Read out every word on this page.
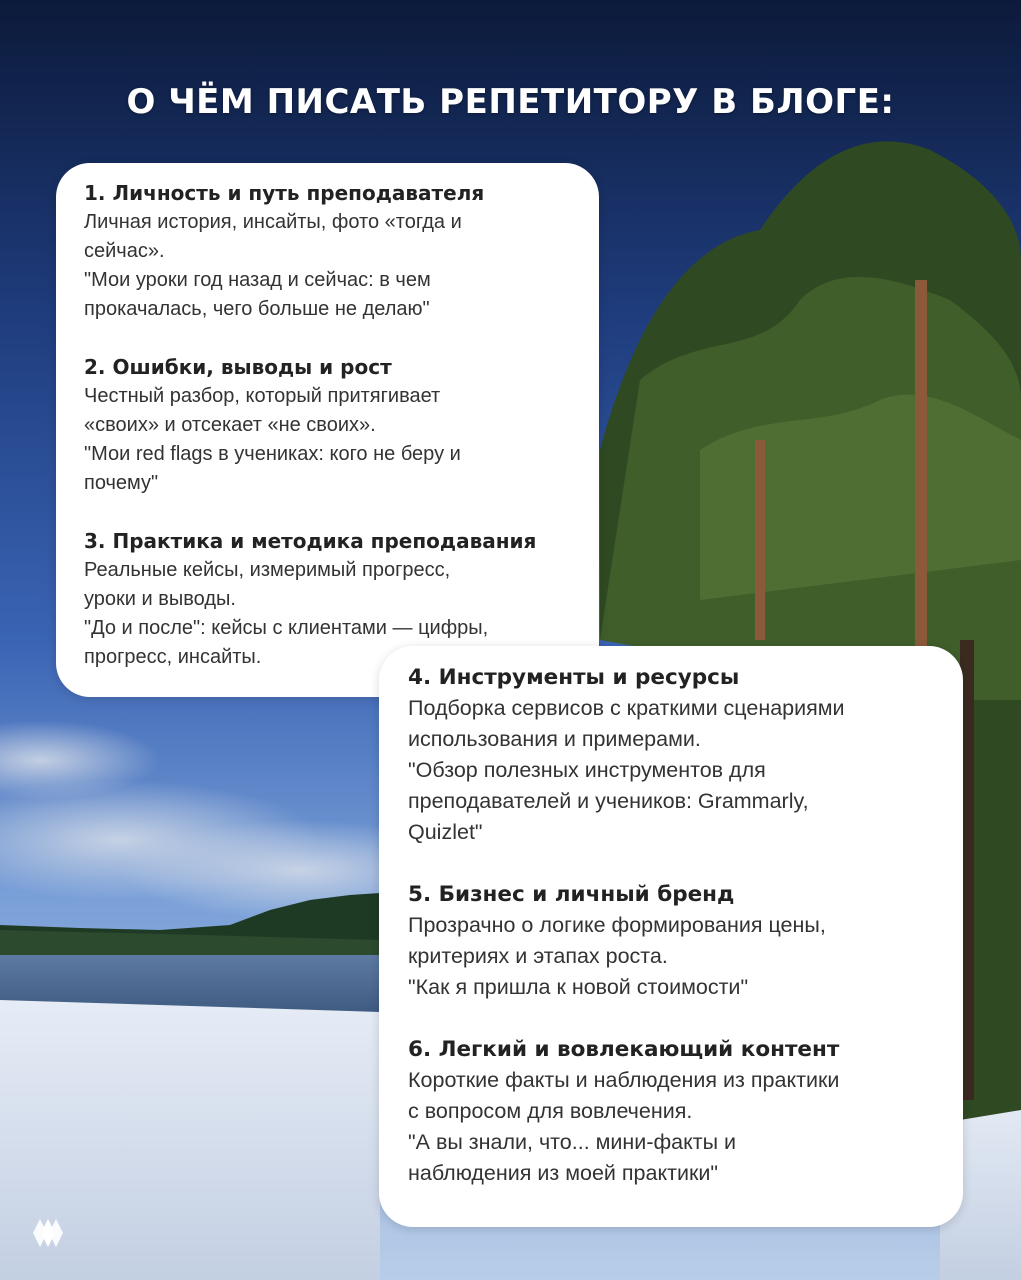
О ЧЁМ ПИСАТЬ РЕПЕТИТОРУ В БЛОГЕ:
1. Личность и путь преподавателя
Личная история, инсайты, фото «тогда и
сейчас».
"Мои уроки год назад и сейчас: в чем
прокачалась, чего больше не делаю"
2. Ошибки, выводы и рост
Честный разбор, который притягивает
«своих» и отсекает «не своих».
"Мои red flags в учениках: кого не беру и
почему"
3. Практика и методика преподавания
Реальные кейсы, измеримый прогресс,
уроки и выводы.
"До и после": кейсы с клиентами — цифры,
прогресс, инсайты.
4. Инструменты и ресурсы
Подборка сервисов с краткими сценариями
использования и примерами.
"Обзор полезных инструментов для
преподавателей и учеников: Grammarly,
Quizlet"
5. Бизнес и личный бренд
Прозрачно о логике формирования цены,
критериях и этапах роста.
"Как я пришла к новой стоимости"
6. Легкий и вовлекающий контент
Короткие факты и наблюдения из практики
с вопросом для вовлечения.
"А вы знали, что... мини-факты и
наблюдения из моей практики"
